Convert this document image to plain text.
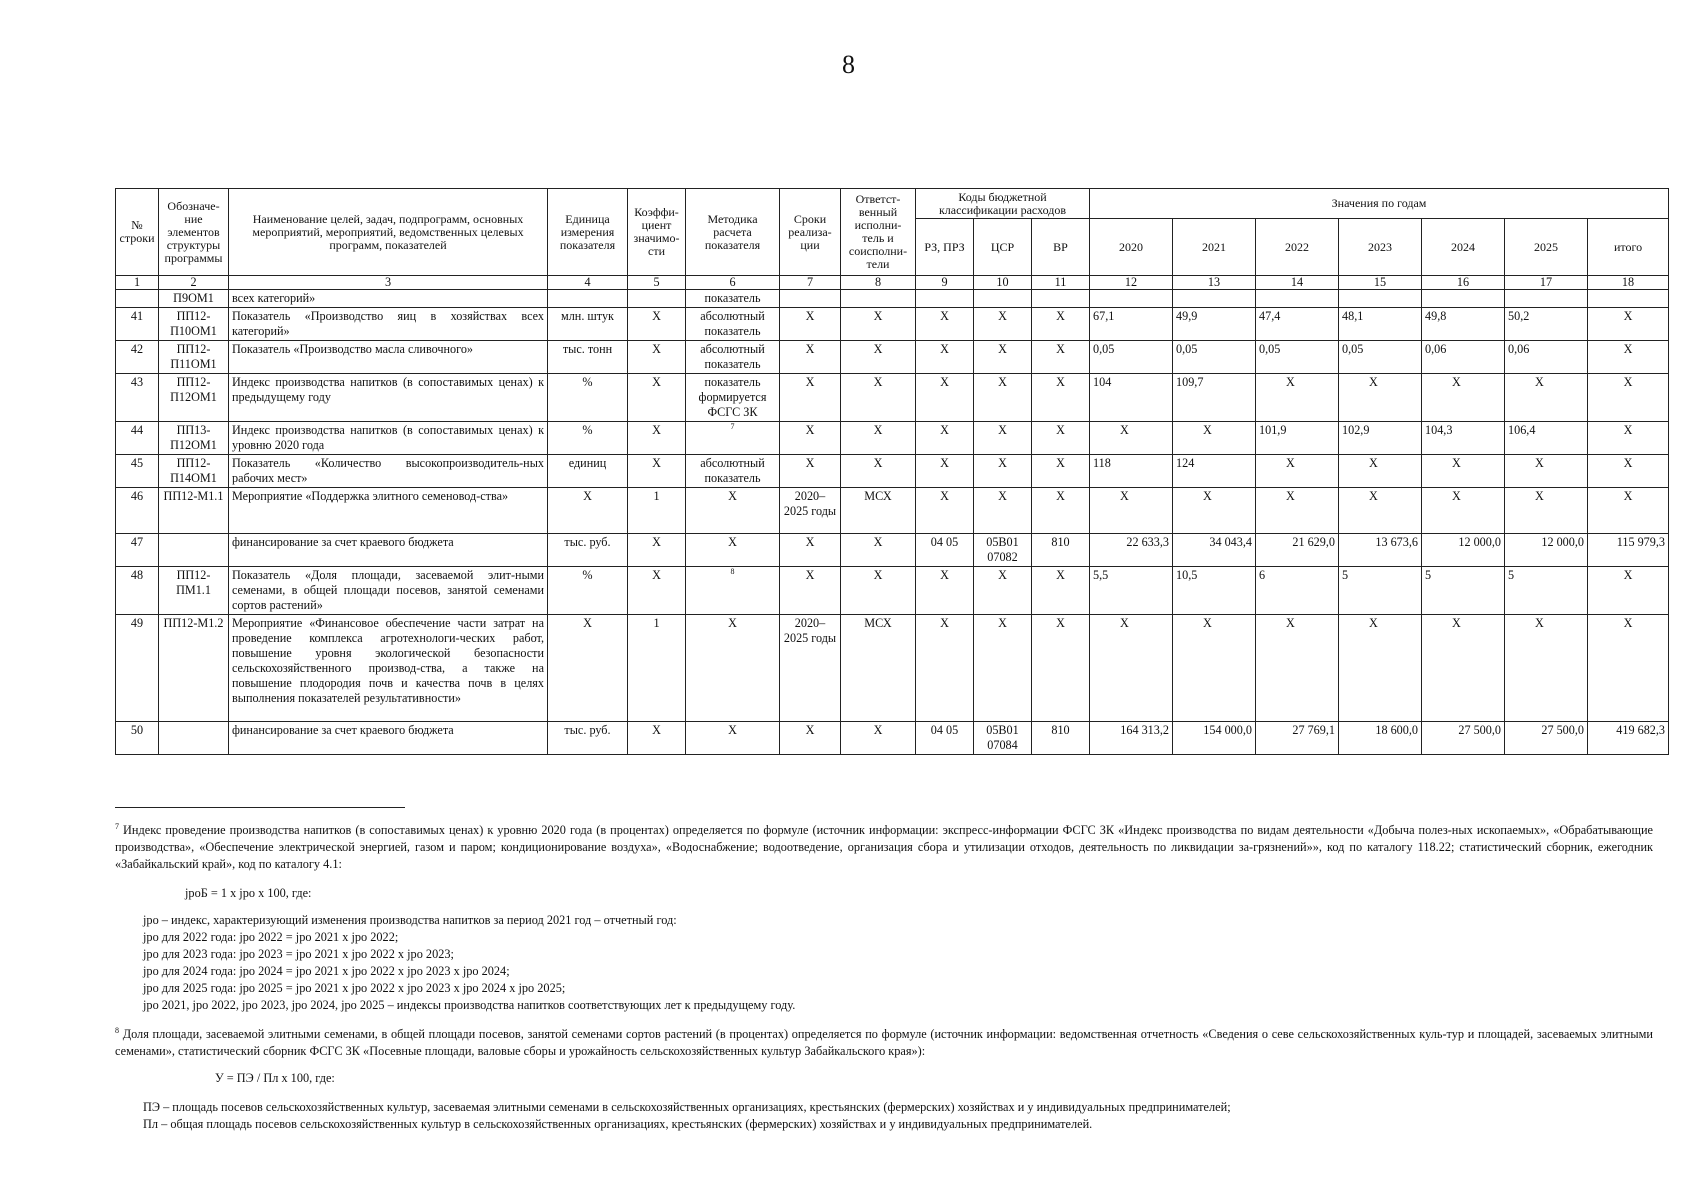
8
№ строки	Обозначе-ние элементов структуры программы	Наименование целей, задач, подпрограмм, основных мероприятий, мероприятий, ведомственных целевых программ, показателей	Единица измерения показателя	Коэффи-циент значимо-сти	Методика расчета показателя	Сроки реализа-ции	Ответст-венный исполни-тель и соисполни-тели	Коды бюджетной классификации расходов			Значения по годам						
								РЗ, ПРЗ	ЦСР	ВР	2020	2021	2022	2023	2024	2025	итого
1	2	3	4	5	6	7	8	9	10	11	12	13	14	15	16	17	18
	П9ОМ1	всех категорий»			показатель												
41	ПП12-П10ОМ1	Показатель «Производство яиц в хозяйствах всех категорий»	млн. штук	X	абсолютный показатель	X	X	X	X	X	67,1	49,9	47,4	48,1	49,8	50,2	X
42	ПП12-П11ОМ1	Показатель «Производство масла сливочного»	тыс. тонн	X	абсолютный показатель	X	X	X	X	X	0,05	0,05	0,05	0,05	0,06	0,06	X
43	ПП12-П12ОМ1	Индекс производства напитков (в сопоставимых ценах) к предыдущему году	%	X	показатель формируется ФСГС ЗК	X	X	X	X	X	104	109,7	X	X	X	X	X
44	ПП13-П12ОМ1	Индекс производства напитков (в сопоставимых ценах) к уровню 2020 года	%	X	$^7$	X	X	X	X	X	X	X	101,9	102,9	104,3	106,4	X
45	ПП12-П14ОМ1	Показатель «Количество высокопроизводитель-ных рабочих мест»	единиц	X	абсолютный показатель	X	X	X	X	X	118	124	X	X	X	X	X
46	ПП12-М1.1	Мероприятие «Поддержка элитного семеновод-ства»	X	1	X	2020–2025 годы	МСХ	X	X	X	X	X	X	X	X	X	X
47		финансирование за счет краевого бюджета	тыс. руб.	X	X	X	X	04 05	05В01 07082	810	22 633,3	34 043,4	21 629,0	13 673,6	12 000,0	12 000,0	115 979,3
48	ПП12-ПМ1.1	Показатель «Доля площади, засеваемой элит-ными семенами, в общей площади посевов, занятой семенами сортов растений»	%	X	$^8$	X	X	X	X	X	5,5	10,5	6	5	5	5	X
49	ПП12-М1.2	Мероприятие «Финансовое обеспечение части затрат на проведение комплекса агротехнологи-ческих работ, повышение уровня экологической безопасности сельскохозяйственного производ-ства, а также на повышение плодородия почв и качества почв в целях выполнения показателей результативности»	X	1	X	2020–2025 годы	МСХ	X	X	X	X	X	X	X	X	X	X
50		финансирование за счет краевого бюджета	тыс. руб.	X	X	X	X	04 05	05В01 07084	810	164 313,2	154 000,0	27 769,1	18 600,0	27 500,0	27 500,0	419 682,3

$^7$ Индекс проведение производства напитков (в сопоставимых ценах) к уровню 2020 года (в процентах) определяется по формуле (источник информации: экспресс-информации ФСГС ЗК «Индекс производства по видам деятельности «Добыча полез-ных ископаемых», «Обрабатывающие производства», «Обеспечение электрической энергией, газом и паром; кондиционирование воздуха», «Водоснабжение; водоотведение, организация сбора и утилизации отходов, деятельность по ликвидации за-грязнений»», код по каталогу 118.22; статистический сборник, ежегодник «Забайкальский край», код по каталогу 4.1:

jpoБ = 1 x jpo x 100, где:

jpo – индекс, характеризующий изменения производства напитков за период 2021 год – отчетный год:

jpo для 2022 года: jpo 2022 = jpo 2021 x jpo 2022;

jpo для 2023 года: jpo 2023 = jpo 2021 x jpo 2022 x jpo 2023;

jpo для 2024 года: jpo 2024 = jpo 2021 x jpo 2022 x jpo 2023 x jpo 2024;

jpo для 2025 года: jpo 2025 = jpo 2021 x jpo 2022 x jpo 2023 x jpo 2024 x jpo 2025;

jpo 2021, jpo 2022, jpo 2023, jpo 2024, jpo 2025 – индексы производства напитков соответствующих лет к предыдущему году.

$^8$ Доля площади, засеваемой элитными семенами, в общей площади посевов, занятой семенами сортов растений (в процентах) определяется по формуле (источник информации: ведомственная отчетность «Сведения о севе сельскохозяйственных куль-тур и площадей, засеваемых элитными семенами», статистический сборник ФСГС ЗК «Посевные площади, валовые сборы и урожайность сельскохозяйственных культур Забайкальского края»):

У = ПЭ / Пл x 100, где:

ПЭ – площадь посевов сельскохозяйственных культур, засеваемая элитными семенами в сельскохозяйственных организациях, крестьянских (фермерских) хозяйствах и у индивидуальных предпринимателей;

Пл – общая площадь посевов сельскохозяйственных культур в сельскохозяйственных организациях, крестьянских (фермерских) хозяйствах и у индивидуальных предпринимателей.
